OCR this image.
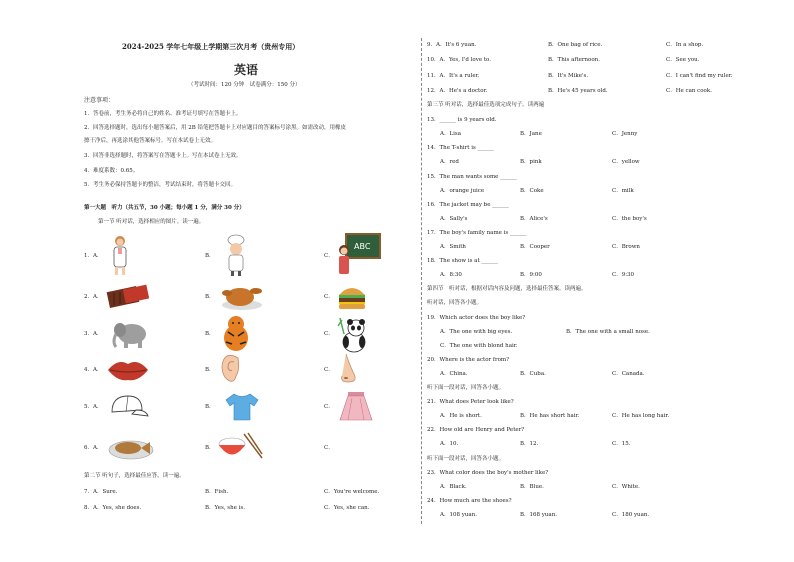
2024-2025 学年七年级上学期第三次月考（贵州专用）
英语
（考试时间：120 分钟　试卷满分：150 分）
注意事项：
1．答卷前，考生务必将自己的姓名、准考证号填写在答题卡上。
2．回答选择题时，选出每小题答案后，用 2B 铅笔把答题卡上对应题目的答案标号涂黑。如需改动，用橡皮
擦干净后，再选涂其他答案标号。写在本试卷上无效。
3．回答非选择题时，将答案写在答题卡上。写在本试卷上无效。
4．难度系数：0.65。
5．考生务必保持答题卡的整洁，考试结束时，将答题卡交回。
第一大题　听力（共五节，30 小题；每小题 1 分，满分 30 分）
第一节 听对话，选择相应的图片。读一遍。
1．A．	B．	C．
ABC
2．A．	B．	C．
3．A．	B．	C．
4．A．	B．	C．
5．A．	B．	C．
6．A．	B．	C．
第二节 听句子，选择最佳应答。读一遍。
7．A．Sure.	B．Fish.	C．You're welcome.
8．A．Yes, she does.	B．Yes, she is.	C．Yes, she can.
9．A．It's 6 yuan.	B．One bag of rice.	C．In a shop.
10．A．Yes, I'd love to.	B．This afternoon.	C．See you.
11．A．It's a ruler.	B．It's Mike's.	C．I can't find my ruler.
12．A．He's a doctor.	B．He's 45 years old.	C．He can cook.
第三节 听对话，选择最佳选项完成句子。读两遍
13．______ is 9 years old.
A．Lisa	B．Jane	C．Jenny
14．The T-shirt is ______
A．red	B．pink	C．yellow
15．The man wants some ______
A．orange juice	B．Coke	C．milk
16．The jacket may be ______
A．Sally's	B．Alice's	C．the boy's
17．The boy's family name is ______
A．Smith	B．Cooper	C．Brown
18．The show is at ______
A．8:30	B．9:00	C．9:30
第四节　听对话，根据对话内容及问题，选择最佳答案。读两遍。
听对话，回答各小题。
19．Which actor does the boy like?
A．The one with big eyes.	B．The one with a small nose.
C．The one with blond hair.
20．Where is the actor from?
A．China.	B．Cuba.	C．Canada.
听下面一段对话，回答各小题。
21．What does Peter look like?
A．He is short.	B．He has short hair.	C．He has long hair.
22．How old are Henry and Peter?
A．10.	B．12.	C．15.
听下面一段对话，回答各小题。
23．What color does the boy's mother like?
A．Black.	B．Blue.	C．White.
24．How much are the shoes?
A．108 yuan.	B．168 yuan.	C．180 yuan.
